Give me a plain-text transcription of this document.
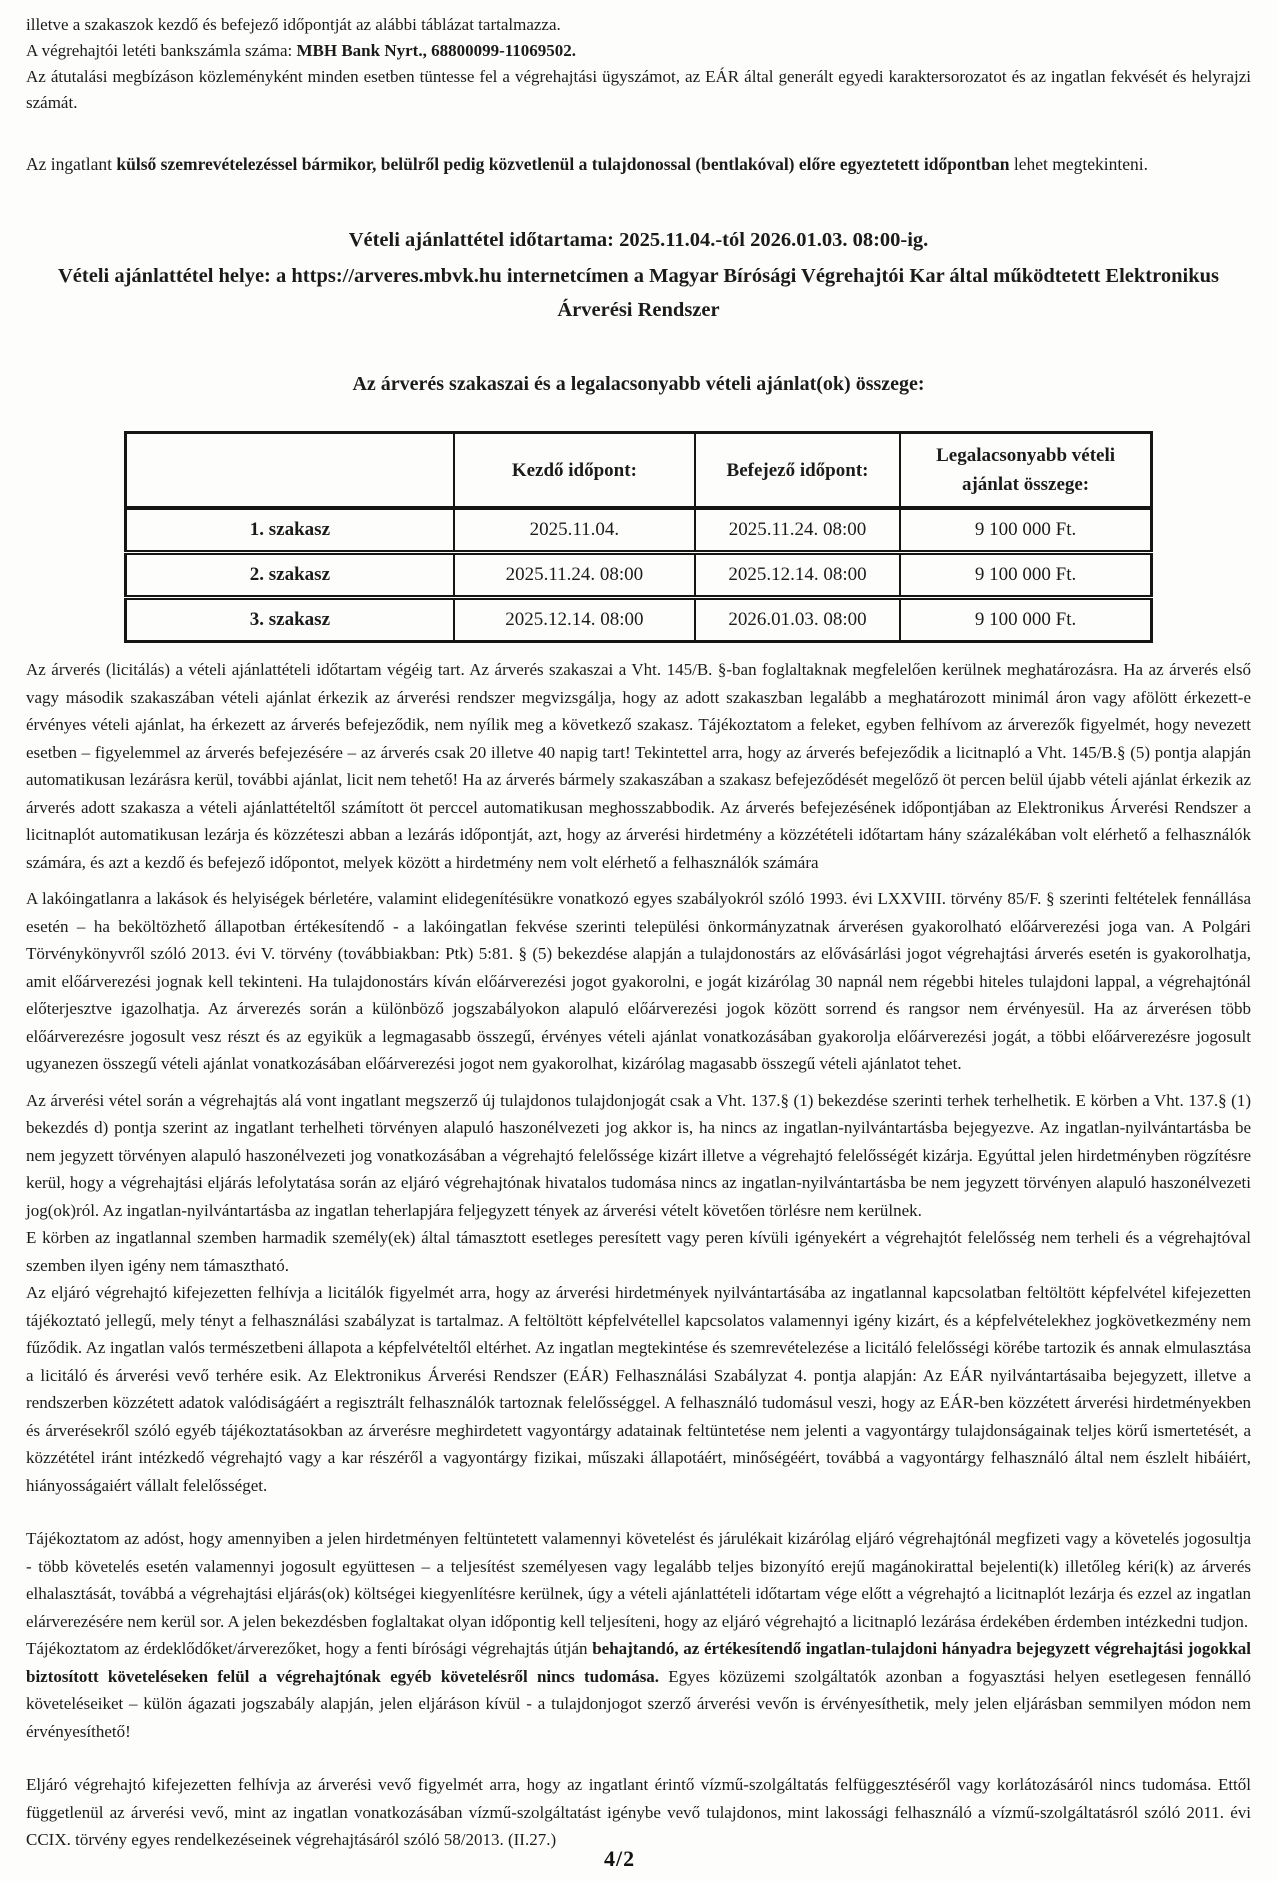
illetve a szakaszok kezdő és befejező időpontját az alábbi táblázat tartalmazza.

A végrehajtói letéti bankszámla száma: MBH Bank Nyrt., 68800099-11069502.

Az átutalási megbízáson közleményként minden esetben tüntesse fel a végrehajtási ügyszámot, az EÁR által generált egyedi karaktersorozatot és az ingatlan fekvését és helyrajzi számát.

Az ingatlant külső szemrevételezéssel bármikor, belülről pedig közvetlenül a tulajdonossal (bentlakóval) előre egyeztetett időpontban lehet megtekinteni.

Vételi ajánlattétel időtartama: 2025.11.04.-tól 2026.01.03. 08:00-ig.

Vételi ajánlattétel helye: a https://arveres.mbvk.hu internetcímen a Magyar Bírósági Végrehajtói Kar által működtetett Elektronikus Árverési Rendszer

Az árverés szakaszai és a legalacsonyabb vételi ajánlat(ok) összege:

	Kezdő időpont:	Befejező időpont:	Legalacsonyabb vételi ajánlat összege:
1. szakasz	2025.11.04.	2025.11.24. 08:00	9 100 000 Ft.
2. szakasz	2025.11.24. 08:00	2025.12.14. 08:00	9 100 000 Ft.
3. szakasz	2025.12.14. 08:00	2026.01.03. 08:00	9 100 000 Ft.

Az árverés (licitálás) a vételi ajánlattételi időtartam végéig tart. Az árverés szakaszai a Vht. 145/B. §-ban foglaltaknak megfelelően kerülnek meghatározásra. Ha az árverés első vagy második szakaszában vételi ajánlat érkezik az árverési rendszer megvizsgálja, hogy az adott szakaszban legalább a meghatározott minimál áron vagy afölött érkezett-e érvényes vételi ajánlat, ha érkezett az árverés befejeződik, nem nyílik meg a következő szakasz. Tájékoztatom a feleket, egyben felhívom az árverezők figyelmét, hogy nevezett esetben – figyelemmel az árverés befejezésére – az árverés csak 20 illetve 40 napig tart! Tekintettel arra, hogy az árverés befejeződik a licitnapló a Vht. 145/B.§ (5) pontja alapján automatikusan lezárásra kerül, további ajánlat, licit nem tehető! Ha az árverés bármely szakaszában a szakasz befejeződését megelőző öt percen belül újabb vételi ajánlat érkezik az árverés adott szakasza a vételi ajánlattételtől számított öt perccel automatikusan meghosszabbodik. Az árverés befejezésének időpontjában az Elektronikus Árverési Rendszer a licitnaplót automatikusan lezárja és közzéteszi abban a lezárás időpontját, azt, hogy az árverési hirdetmény a közzétételi időtartam hány százalékában volt elérhető a felhasználók számára, és azt a kezdő és befejező időpontot, melyek között a hirdetmény nem volt elérhető a felhasználók számára

A lakóingatlanra a lakások és helyiségek bérletére, valamint elidegenítésükre vonatkozó egyes szabályokról szóló 1993. évi LXXVIII. törvény 85/F. § szerinti feltételek fennállása esetén – ha beköltözhető állapotban értékesítendő - a lakóingatlan fekvése szerinti települési önkormányzatnak árverésen gyakorolható előárverezési joga van. A Polgári Törvénykönyvről szóló 2013. évi V. törvény (továbbiakban: Ptk) 5:81. § (5) bekezdése alapján a tulajdonostárs az elővásárlási jogot végrehajtási árverés esetén is gyakorolhatja, amit előárverezési jognak kell tekinteni. Ha tulajdonostárs kíván előárverezési jogot gyakorolni, e jogát kizárólag 30 napnál nem régebbi hiteles tulajdoni lappal, a végrehajtónál előterjesztve igazolhatja. Az árverezés során a különböző jogszabályokon alapuló előárverezési jogok között sorrend és rangsor nem érvényesül. Ha az árverésen több előárverezésre jogosult vesz részt és az egyikük a legmagasabb összegű, érvényes vételi ajánlat vonatkozásában gyakorolja előárverezési jogát, a többi előárverezésre jogosult ugyanezen összegű vételi ajánlat vonatkozásában előárverezési jogot nem gyakorolhat, kizárólag magasabb összegű vételi ajánlatot tehet.

Az árverési vétel során a végrehajtás alá vont ingatlant megszerző új tulajdonos tulajdonjogát csak a Vht. 137.§ (1) bekezdése szerinti terhek terhelhetik. E körben a Vht. 137.§ (1) bekezdés d) pontja szerint az ingatlant terhelheti törvényen alapuló haszonélvezeti jog akkor is, ha nincs az ingatlan-nyilvántartásba bejegyezve. Az ingatlan-nyilvántartásba be nem jegyzett törvényen alapuló haszonélvezeti jog vonatkozásában a végrehajtó felelőssége kizárt illetve a végrehajtó felelősségét kizárja. Egyúttal jelen hirdetményben rögzítésre kerül, hogy a végrehajtási eljárás lefolytatása során az eljáró végrehajtónak hivatalos tudomása nincs az ingatlan-nyilvántartásba be nem jegyzett törvényen alapuló haszonélvezeti jog(ok)ról. Az ingatlan-nyilvántartásba az ingatlan teherlapjára feljegyzett tények az árverési vételt követően törlésre nem kerülnek.

E körben az ingatlannal szemben harmadik személy(ek) által támasztott esetleges peresített vagy peren kívüli igényekért a végrehajtót felelősség nem terheli és a végrehajtóval szemben ilyen igény nem támasztható.

Az eljáró végrehajtó kifejezetten felhívja a licitálók figyelmét arra, hogy az árverési hirdetmények nyilvántartásába az ingatlannal kapcsolatban feltöltött képfelvétel kifejezetten tájékoztató jellegű, mely tényt a felhasználási szabályzat is tartalmaz. A feltöltött képfelvétellel kapcsolatos valamennyi igény kizárt, és a képfelvételekhez jogkövetkezmény nem fűződik. Az ingatlan valós természetbeni állapota a képfelvételtől eltérhet. Az ingatlan megtekintése és szemrevételezése a licitáló felelősségi körébe tartozik és annak elmulasztása a licitáló és árverési vevő terhére esik. Az Elektronikus Árverési Rendszer (EÁR) Felhasználási Szabályzat 4. pontja alapján: Az EÁR nyilvántartásaiba bejegyzett, illetve a rendszerben közzétett adatok valódiságáért a regisztrált felhasználók tartoznak felelősséggel. A felhasználó tudomásul veszi, hogy az EÁR-ben közzétett árverési hirdetményekben és árverésekről szóló egyéb tájékoztatásokban az árverésre meghirdetett vagyontárgy adatainak feltüntetése nem jelenti a vagyontárgy tulajdonságainak teljes körű ismertetését, a közzététel iránt intézkedő végrehajtó vagy a kar részéről a vagyontárgy fizikai, műszaki állapotáért, minőségéért, továbbá a vagyontárgy felhasználó által nem észlelt hibáiért, hiányosságaiért vállalt felelősséget.

Tájékoztatom az adóst, hogy amennyiben a jelen hirdetményen feltüntetett valamennyi követelést és járulékait kizárólag eljáró végrehajtónál megfizeti vagy a követelés jogosultja - több követelés esetén valamennyi jogosult együttesen – a teljesítést személyesen vagy legalább teljes bizonyító erejű magánokirattal bejelenti(k) illetőleg kéri(k) az árverés elhalasztását, továbbá a végrehajtási eljárás(ok) költségei kiegyenlítésre kerülnek, úgy a vételi ajánlattételi időtartam vége előtt a végrehajtó a licitnaplót lezárja és ezzel az ingatlan elárverezésére nem kerül sor. A jelen bekezdésben foglaltakat olyan időpontig kell teljesíteni, hogy az eljáró végrehajtó a licitnapló lezárása érdekében érdemben intézkedni tudjon.

Tájékoztatom az érdeklődőket/árverezőket, hogy a fenti bírósági végrehajtás útján behajtandó, az értékesítendő ingatlan-tulajdoni hányadra bejegyzett végrehajtási jogokkal biztosított követeléseken felül a végrehajtónak egyéb követelésről nincs tudomása. Egyes közüzemi szolgáltatók azonban a fogyasztási helyen esetlegesen fennálló követeléseiket – külön ágazati jogszabály alapján, jelen eljáráson kívül - a tulajdonjogot szerző árverési vevőn is érvényesíthetik, mely jelen eljárásban semmilyen módon nem érvényesíthető!

Eljáró végrehajtó kifejezetten felhívja az árverési vevő figyelmét arra, hogy az ingatlant érintő vízmű-szolgáltatás felfüggesztéséről vagy korlátozásáról nincs tudomása. Ettől függetlenül az árverési vevő, mint az ingatlan vonatkozásában vízmű-szolgáltatást igénybe vevő tulajdonos, mint lakossági felhasználó a vízmű-szolgáltatásról szóló 2011. évi CCIX. törvény egyes rendelkezéseinek végrehajtásáról szóló 58/2013. (II.27.)

4/2
